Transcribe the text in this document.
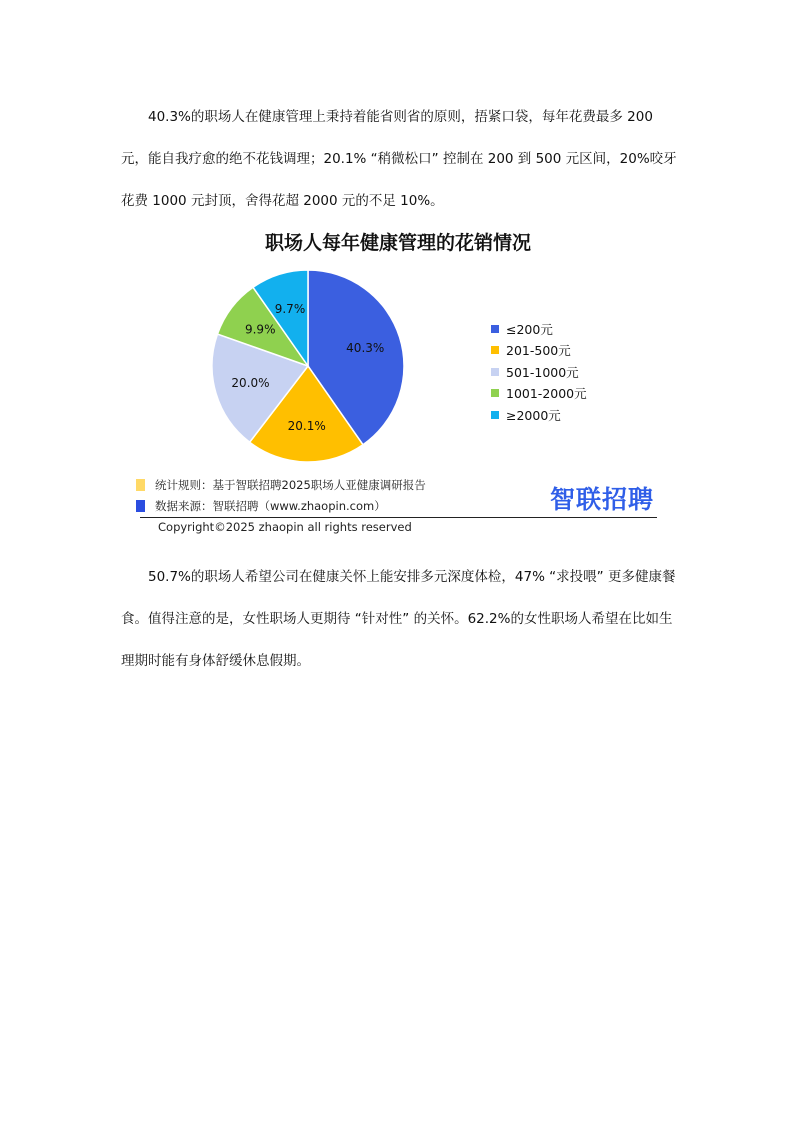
40.3%的职场人在健康管理上秉持着能省则省的原则，捂紧口袋，每年花费最多 200 元，能自我疗愈的绝不花钱调理；20.1% “稍微松口” 控制在 200 到 500 元区间，20%咬牙花费 1000 元封顶，舍得花超 2000 元的不足 10%。

职场人每年健康管理的花销情况
40.3%
20.1%
20.0%
9.9%
9.7%
≤200元
201-500元
501-1000元
1001-2000元
≥2000元
统计规则：基于智联招聘2025职场人亚健康调研报告
数据来源：智联招聘（www.zhaopin.com）	智联招聘
Copyright©2025 zhaopin all rights reserved

50.7%的职场人希望公司在健康关怀上能安排多元深度体检，47% “求投喂” 更多健康餐食。值得注意的是，女性职场人更期待 “针对性” 的关怀。62.2%的女性职场人希望在比如生理期时能有身体舒缓休息假期。
